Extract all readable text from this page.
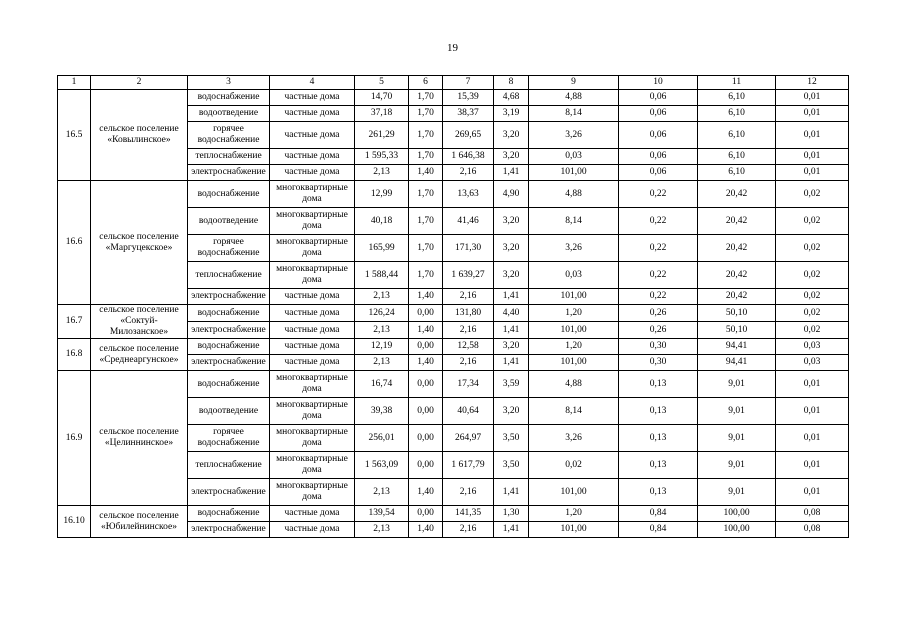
19
1	2	3	4	5	6	7	8	9	10	11	12
16.5	сельское поселение «Ковылинское»	водоснабжение	частные дома	14,70	1,70	15,39	4,68	4,88	0,06	6,10	0,01
		водоотведение	частные дома	37,18	1,70	38,37	3,19	8,14	0,06	6,10	0,01
		горячее водоснабжение	частные дома	261,29	1,70	269,65	3,20	3,26	0,06	6,10	0,01
		теплоснабжение	частные дома	1 595,33	1,70	1 646,38	3,20	0,03	0,06	6,10	0,01
		электроснабжение	частные дома	2,13	1,40	2,16	1,41	101,00	0,06	6,10	0,01
16.6	сельское поселение «Маргуцекское»	водоснабжение	многоквартирные дома	12,99	1,70	13,63	4,90	4,88	0,22	20,42	0,02
		водоотведение	многоквартирные дома	40,18	1,70	41,46	3,20	8,14	0,22	20,42	0,02
		горячее водоснабжение	многоквартирные дома	165,99	1,70	171,30	3,20	3,26	0,22	20,42	0,02
		теплоснабжение	многоквартирные дома	1 588,44	1,70	1 639,27	3,20	0,03	0,22	20,42	0,02
		электроснабжение	частные дома	2,13	1,40	2,16	1,41	101,00	0,22	20,42	0,02
16.7	сельское поселение «Соктуй-Милозанское»	водоснабжение	частные дома	126,24	0,00	131,80	4,40	1,20	0,26	50,10	0,02
		электроснабжение	частные дома	2,13	1,40	2,16	1,41	101,00	0,26	50,10	0,02
16.8	сельское поселение «Среднеаргунское»	водоснабжение	частные дома	12,19	0,00	12,58	3,20	1,20	0,30	94,41	0,03
		электроснабжение	частные дома	2,13	1,40	2,16	1,41	101,00	0,30	94,41	0,03
16.9	сельское поселение «Целиннинское»	водоснабжение	многоквартирные дома	16,74	0,00	17,34	3,59	4,88	0,13	9,01	0,01
		водоотведение	многоквартирные дома	39,38	0,00	40,64	3,20	8,14	0,13	9,01	0,01
		горячее водоснабжение	многоквартирные дома	256,01	0,00	264,97	3,50	3,26	0,13	9,01	0,01
		теплоснабжение	многоквартирные дома	1 563,09	0,00	1 617,79	3,50	0,02	0,13	9,01	0,01
		электроснабжение	многоквартирные дома	2,13	1,40	2,16	1,41	101,00	0,13	9,01	0,01
16.10	сельское поселение «Юбилейнинское»	водоснабжение	частные дома	139,54	0,00	141,35	1,30	1,20	0,84	100,00	0,08
		электроснабжение	частные дома	2,13	1,40	2,16	1,41	101,00	0,84	100,00	0,08
